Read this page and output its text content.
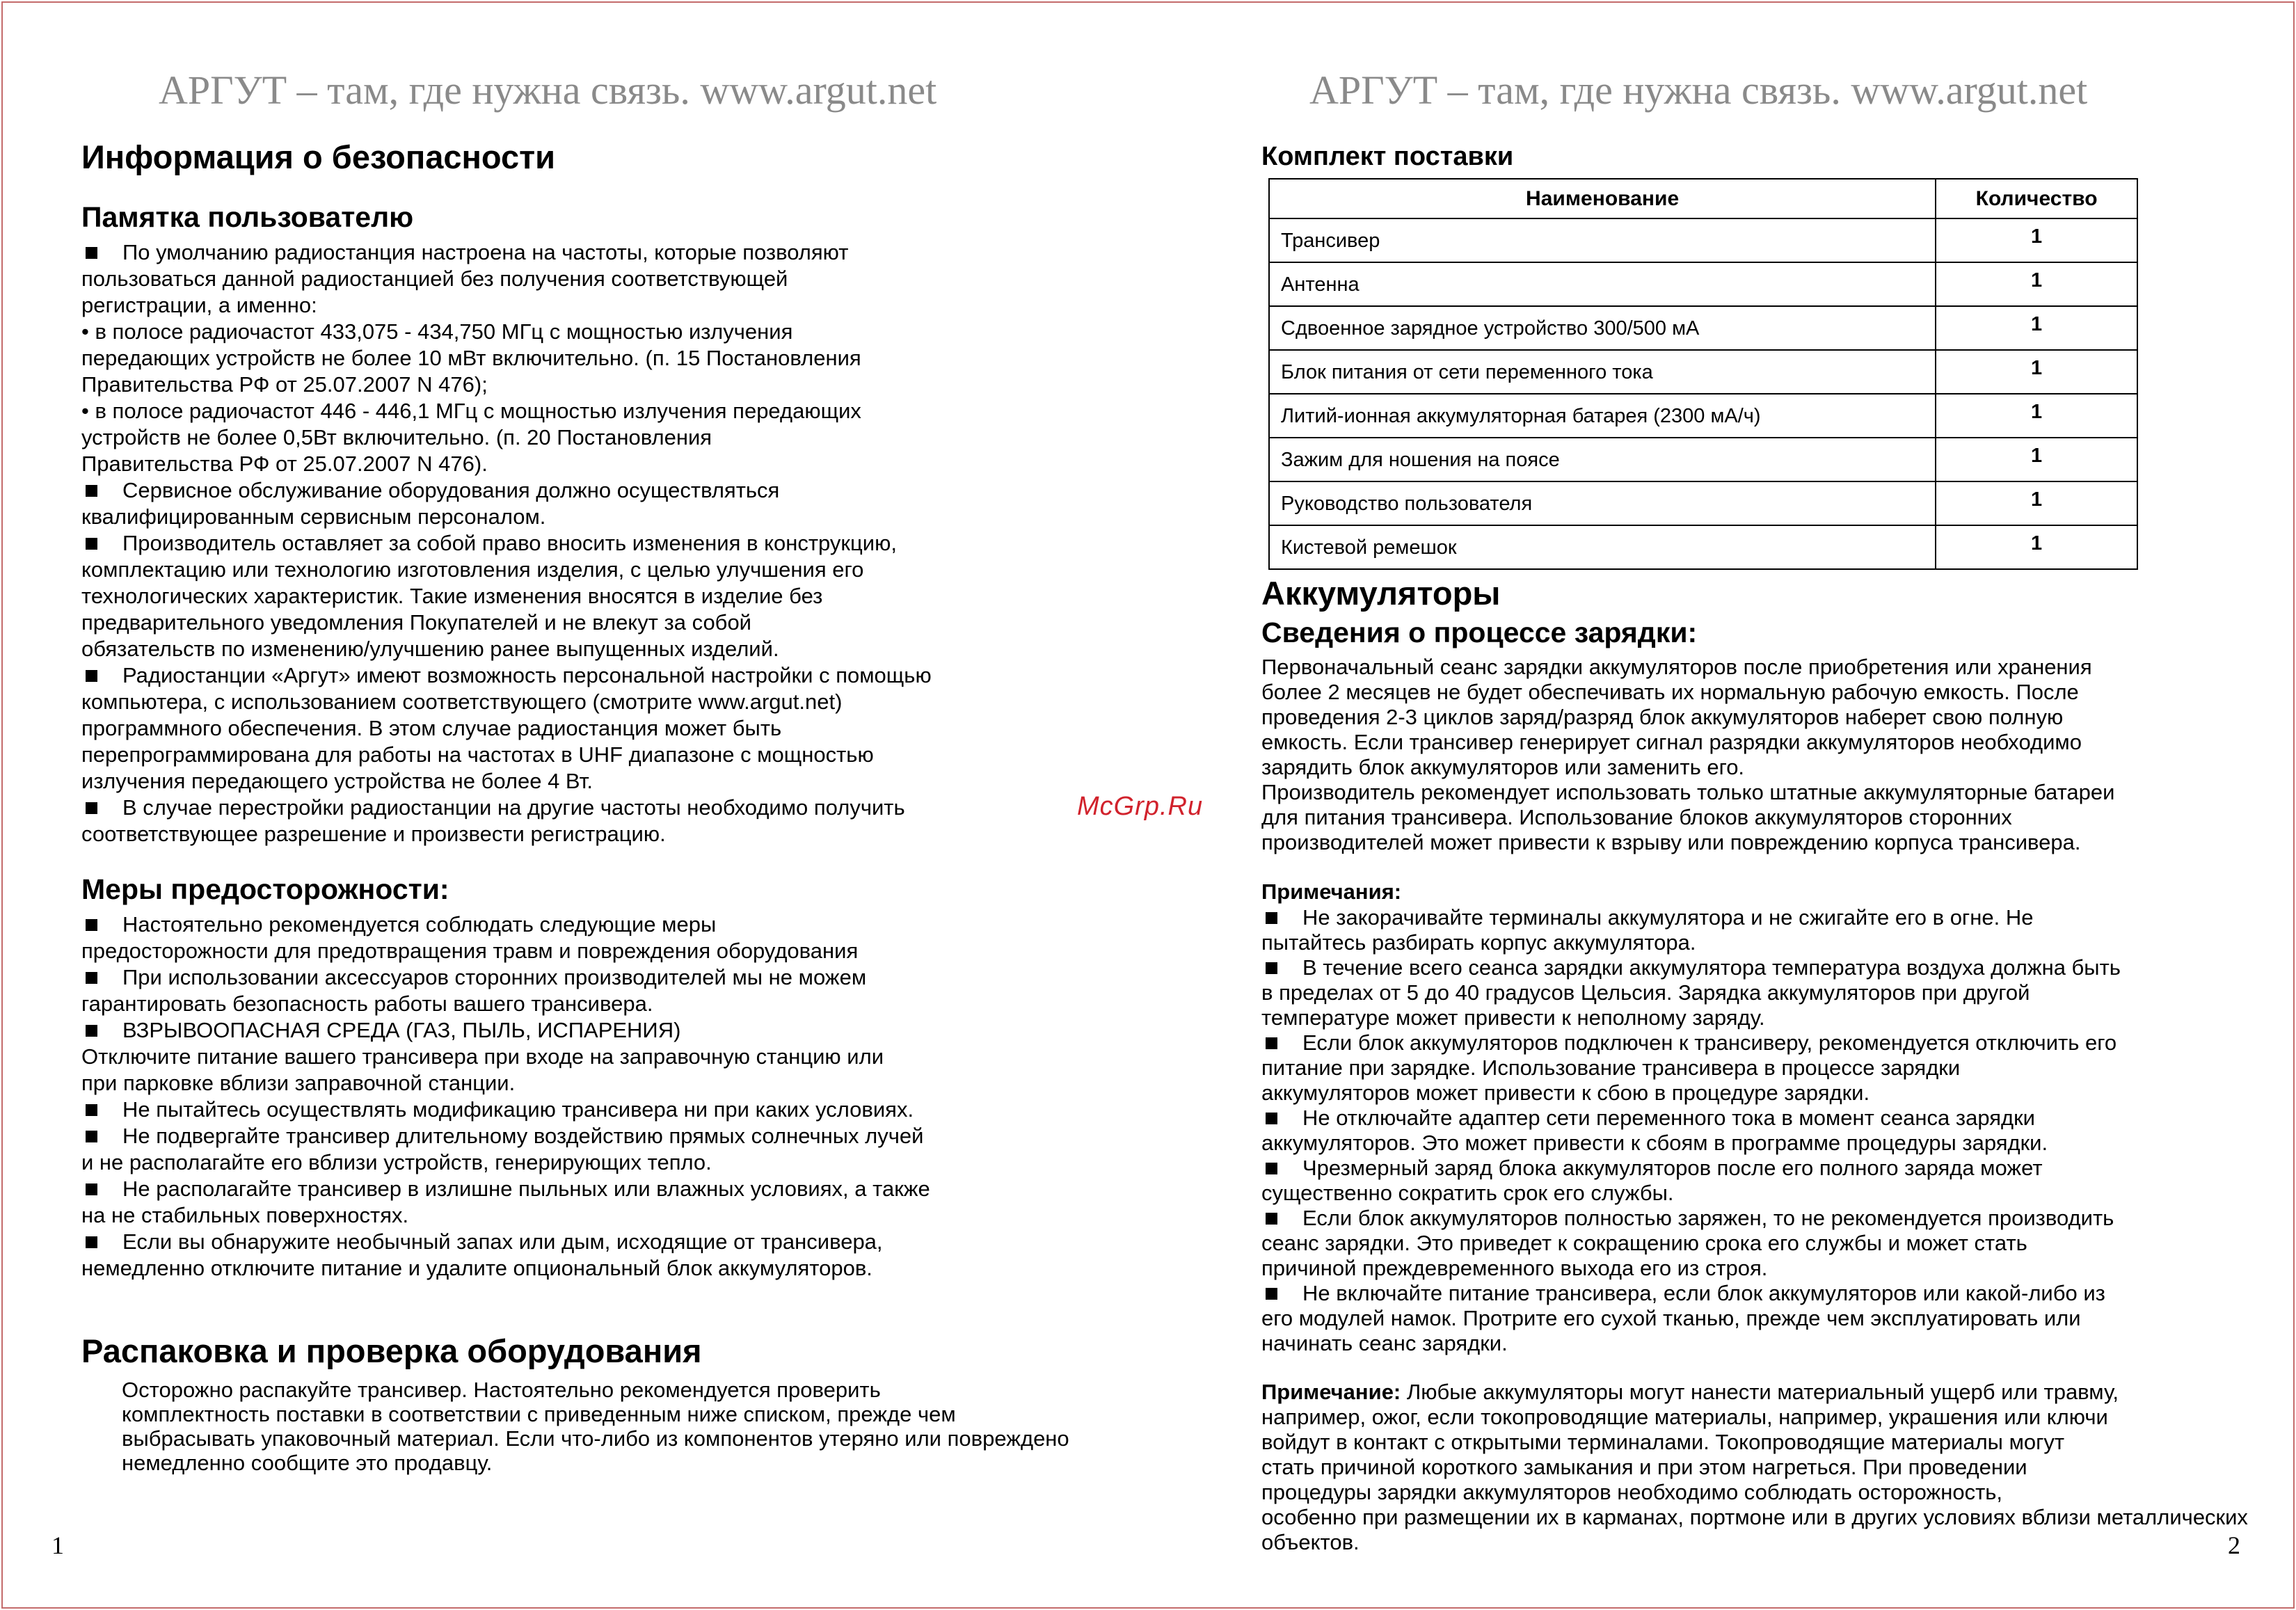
АРГУТ – там, где нужна связь. www.argut.net
Информация о безопасности
Памятка пользователю

По умолчанию радиостанция настроена на частоты, которые позволяют
пользоваться данной радиостанцией без получения соответствующей
регистрации, а именно:

• в полосе радиочастот 433,075 - 434,750 МГц с мощностью излучения
передающих устройств не более 10 мВт включительно. (п. 15 Постановления
Правительства РФ от 25.07.2007 N 476);
• в полосе радиочастот 446 - 446,1 МГц с мощностью излучения передающих
устройств не более 0,5Вт включительно. (п. 20 Постановления
Правительства РФ от 25.07.2007 N 476).

Сервисное обслуживание оборудования должно осуществляться
квалифицированным сервисным персоналом.

Производитель оставляет за собой право вносить изменения в конструкцию,
комплектацию или технологию изготовления изделия, с целью улучшения его
технологических характеристик. Такие изменения вносятся в изделие без
предварительного уведомления Покупателей и не влекут за собой
обязательств по изменению/улучшению ранее выпущенных изделий.

Радиостанции «Аргут» имеют возможность персональной настройки с помощью
компьютера, с использованием соответствующего (смотрите www.argut.net)
программного обеспечения. В этом случае радиостанция может быть
перепрограммирована для работы на частотах в UHF диапазоне с мощностью
излучения передающего устройства не более 4 Вт.

В случае перестройки радиостанции на другие частоты необходимо получить
соответствующее разрешение и произвести регистрацию.

Меры предосторожности:

Настоятельно рекомендуется соблюдать следующие меры
предосторожности для предотвращения травм и повреждения оборудования

При использовании аксессуаров сторонних производителей мы не можем
гарантировать безопасность работы вашего трансивера.

ВЗРЫВООПАСНАЯ СРЕДА (ГАЗ, ПЫЛЬ, ИСПАРЕНИЯ)
Отключите питание вашего трансивера при входе на заправочную станцию или
при парковке вблизи заправочной станции.

Не пытайтесь осуществлять модификацию трансивера ни при каких условиях.

Не подвергайте трансивер длительному воздействию прямых солнечных лучей
и не располагайте его вблизи устройств, генерирующих тепло.

Не располагайте трансивер в излишне пыльных или влажных условиях, а также
на не стабильных поверхностях.

Если вы обнаружите необычный запах или дым, исходящие от трансивера,
немедленно отключите питание и удалите опциональный блок аккумуляторов.

Распаковка и проверка оборудования

Осторожно распакуйте трансивер. Настоятельно рекомендуется проверить
комплектность поставки в соответствии с приведенным ниже списком, прежде чем
выбрасывать упаковочный материал. Если что-либо из компонентов утеряно или повреждено
немедленно сообщите это продавцу.

1
АРГУТ – там, где нужна связь. www.argut.net
Комплект поставки
Наименование	Количество
Трансивер	1
Антенна	1
Сдвоенное зарядное устройство 300/500 мА	1
Блок питания от сети переменного тока	1
Литий-ионная аккумуляторная батарея (2300 мА/ч)	1
Зажим для ношения на поясе	1
Руководство пользователя	1
Кистевой ремешок	1
Аккумуляторы
Сведения о процессе зарядки:

Первоначальный сеанс зарядки аккумуляторов после приобретения или хранения
более 2 месяцев не будет обеспечивать их нормальную рабочую емкость. После
проведения 2-3 циклов заряд/разряд блок аккумуляторов наберет свою полную
емкость. Если трансивер генерирует сигнал разрядки аккумуляторов необходимо
зарядить блок аккумуляторов или заменить его.
Производитель рекомендует использовать только штатные аккумуляторные батареи
для питания трансивера. Использование блоков аккумуляторов сторонних
производителей может привести к взрыву или повреждению корпуса трансивера.

Примечания:

Не закорачивайте терминалы аккумулятора и не сжигайте его в огне. Не
пытайтесь разбирать корпус аккумулятора.

В течение всего сеанса зарядки аккумулятора температура воздуха должна быть
в пределах от 5 до 40 градусов Цельсия. Зарядка аккумуляторов при другой
температуре может привести к неполному заряду.

Если блок аккумуляторов подключен к трансиверу, рекомендуется отключить его
питание при зарядке. Использование трансивера в процессе зарядки
аккумуляторов может привести к сбою в процедуре зарядки.

Не отключайте адаптер сети переменного тока в момент сеанса зарядки
аккумуляторов. Это может привести к сбоям в программе процедуры зарядки.

Чрезмерный заряд блока аккумуляторов после его полного заряда может
существенно сократить срок его службы.

Если блок аккумуляторов полностью заряжен, то не рекомендуется производить
сеанс зарядки. Это приведет к сокращению срока его службы и может стать
причиной преждевременного выхода его из строя.

Не включайте питание трансивера, если блок аккумуляторов или какой-либо из
его модулей намок. Протрите его сухой тканью, прежде чем эксплуатировать или
начинать сеанс зарядки.

Примечание: Любые аккумуляторы могут нанести материальный ущерб или травму,
например, ожог, если токопроводящие материалы, например, украшения или ключи
войдут в контакт с открытыми терминалами. Токопроводящие материалы могут
стать причиной короткого замыкания и при этом нагреться. При проведении
процедуры зарядки аккумуляторов необходимо соблюдать осторожность,
особенно при размещении их в карманах, портмоне или в других условиях вблизи металлических
объектов.	2
McGrp.Ru
